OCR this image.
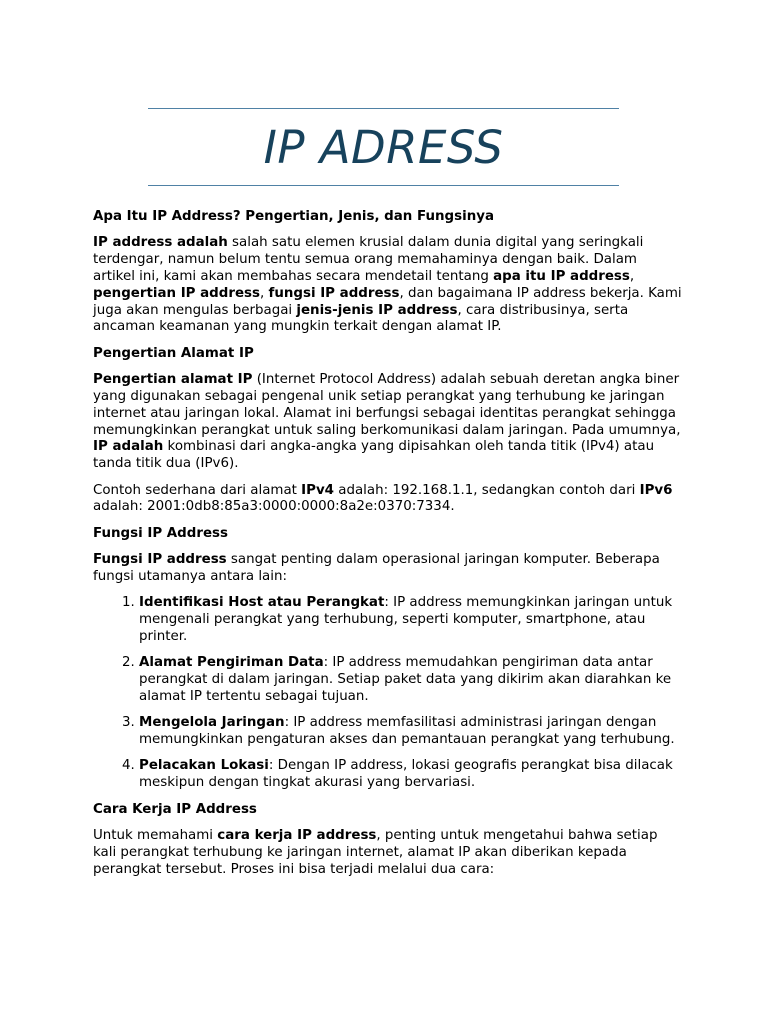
IP ADRESS
Apa Itu IP Address? Pengertian, Jenis, dan Fungsinya

IP address adalah salah satu elemen krusial dalam dunia digital yang seringkali terdengar, namun belum tentu semua orang memahaminya dengan baik. Dalam artikel ini, kami akan membahas secara mendetail tentang apa itu IP address, pengertian IP address, fungsi IP address, dan bagaimana IP address bekerja. Kami juga akan mengulas berbagai jenis-jenis IP address, cara distribusinya, serta ancaman keamanan yang mungkin terkait dengan alamat IP.

Pengertian Alamat IP

Pengertian alamat IP (Internet Protocol Address) adalah sebuah deretan angka biner yang digunakan sebagai pengenal unik setiap perangkat yang terhubung ke jaringan internet atau jaringan lokal. Alamat ini berfungsi sebagai identitas perangkat sehingga memungkinkan perangkat untuk saling berkomunikasi dalam jaringan. Pada umumnya, IP adalah kombinasi dari angka-angka yang dipisahkan oleh tanda titik (IPv4) atau tanda titik dua (IPv6).

Contoh sederhana dari alamat IPv4 adalah: 192.168.1.1, sedangkan contoh dari IPv6 adalah: 2001:0db8:85a3:0000:0000:8a2e:0370:7334.

Fungsi IP Address

Fungsi IP address sangat penting dalam operasional jaringan komputer. Beberapa fungsi utamanya antara lain:

1. Identifikasi Host atau Perangkat: IP address memungkinkan jaringan untuk mengenali perangkat yang terhubung, seperti komputer, smartphone, atau printer.
2. Alamat Pengiriman Data: IP address memudahkan pengiriman data antar perangkat di dalam jaringan. Setiap paket data yang dikirim akan diarahkan ke alamat IP tertentu sebagai tujuan.
3. Mengelola Jaringan: IP address memfasilitasi administrasi jaringan dengan memungkinkan pengaturan akses dan pemantauan perangkat yang terhubung.
4. Pelacakan Lokasi: Dengan IP address, lokasi geografis perangkat bisa dilacak meskipun dengan tingkat akurasi yang bervariasi.
Cara Kerja IP Address

Untuk memahami cara kerja IP address, penting untuk mengetahui bahwa setiap kali perangkat terhubung ke jaringan internet, alamat IP akan diberikan kepada perangkat tersebut. Proses ini bisa terjadi melalui dua cara:
